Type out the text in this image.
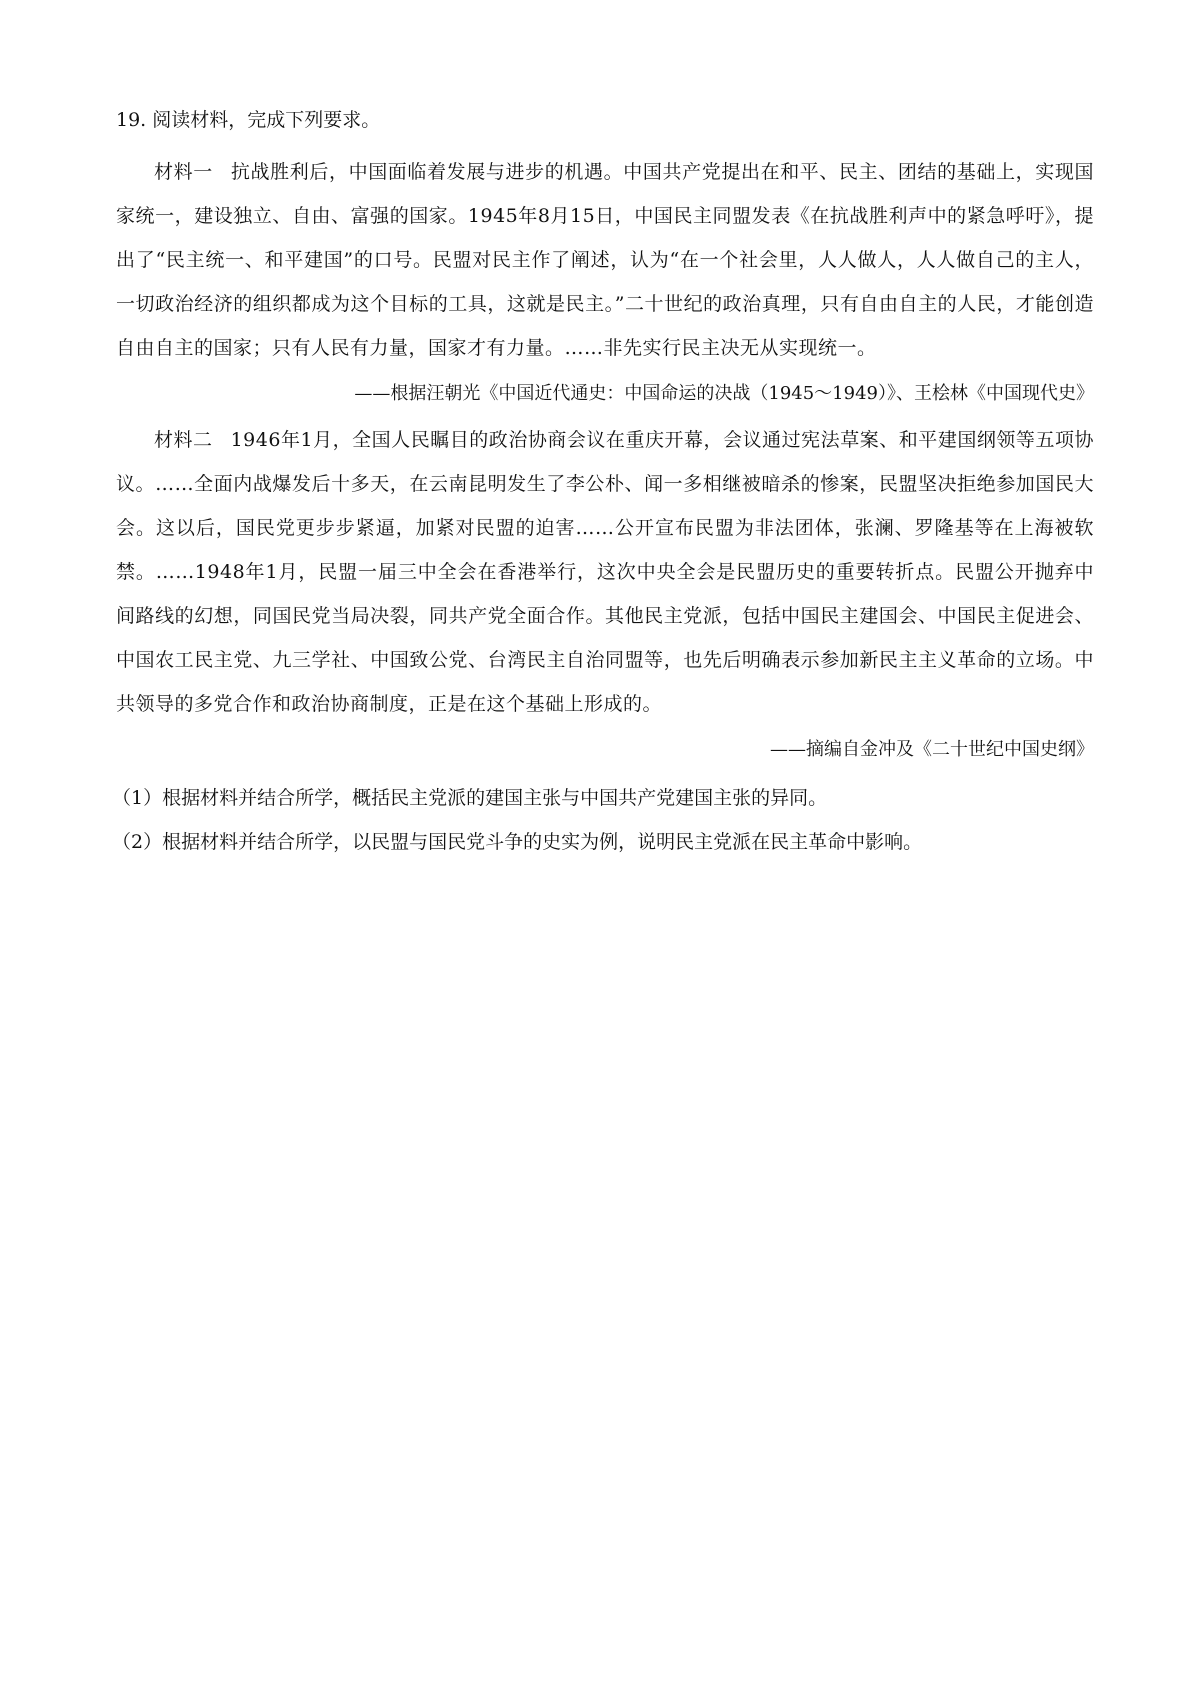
19. 阅读材料，完成下列要求。

材料一 抗战胜利后，中国面临着发展与进步的机遇。中国共产党提出在和平、民主、团结的基础上，实现国家统一，建设独立、自由、富强的国家。1945年8月15日，中国民主同盟发表《在抗战胜利声中的紧急呼吁》，提出了“民主统一、和平建国”的口号。民盟对民主作了阐述，认为“在一个社会里，人人做人，人人做自己的主人，一切政治经济的组织都成为这个目标的工具，这就是民主。”二十世纪的政治真理，只有自由自主的人民，才能创造自由自主的国家；只有人民有力量，国家才有力量。……非先实行民主决无从实现统一。

——根据汪朝光《中国近代通史：中国命运的决战（1945～1949）》、王桧林《中国现代史》

材料二 1946年1月，全国人民瞩目的政治协商会议在重庆开幕，会议通过宪法草案、和平建国纲领等五项协议。……全面内战爆发后十多天，在云南昆明发生了李公朴、闻一多相继被暗杀的惨案，民盟坚决拒绝参加国民大会。这以后，国民党更步步紧逼，加紧对民盟的迫害……公开宣布民盟为非法团体，张澜、罗隆基等在上海被软禁。……1948年1月，民盟一届三中全会在香港举行，这次中央全会是民盟历史的重要转折点。民盟公开抛弃中间路线的幻想，同国民党当局决裂，同共产党全面合作。其他民主党派，包括中国民主建国会、中国民主促进会、中国农工民主党、九三学社、中国致公党、台湾民主自治同盟等，也先后明确表示参加新民主主义革命的立场。中共领导的多党合作和政治协商制度，正是在这个基础上形成的。

——摘编自金冲及《二十世纪中国史纲》

（1）根据材料并结合所学，概括民主党派的建国主张与中国共产党建国主张的异同。

（2）根据材料并结合所学，以民盟与国民党斗争的史实为例，说明民主党派在民主革命中影响。
